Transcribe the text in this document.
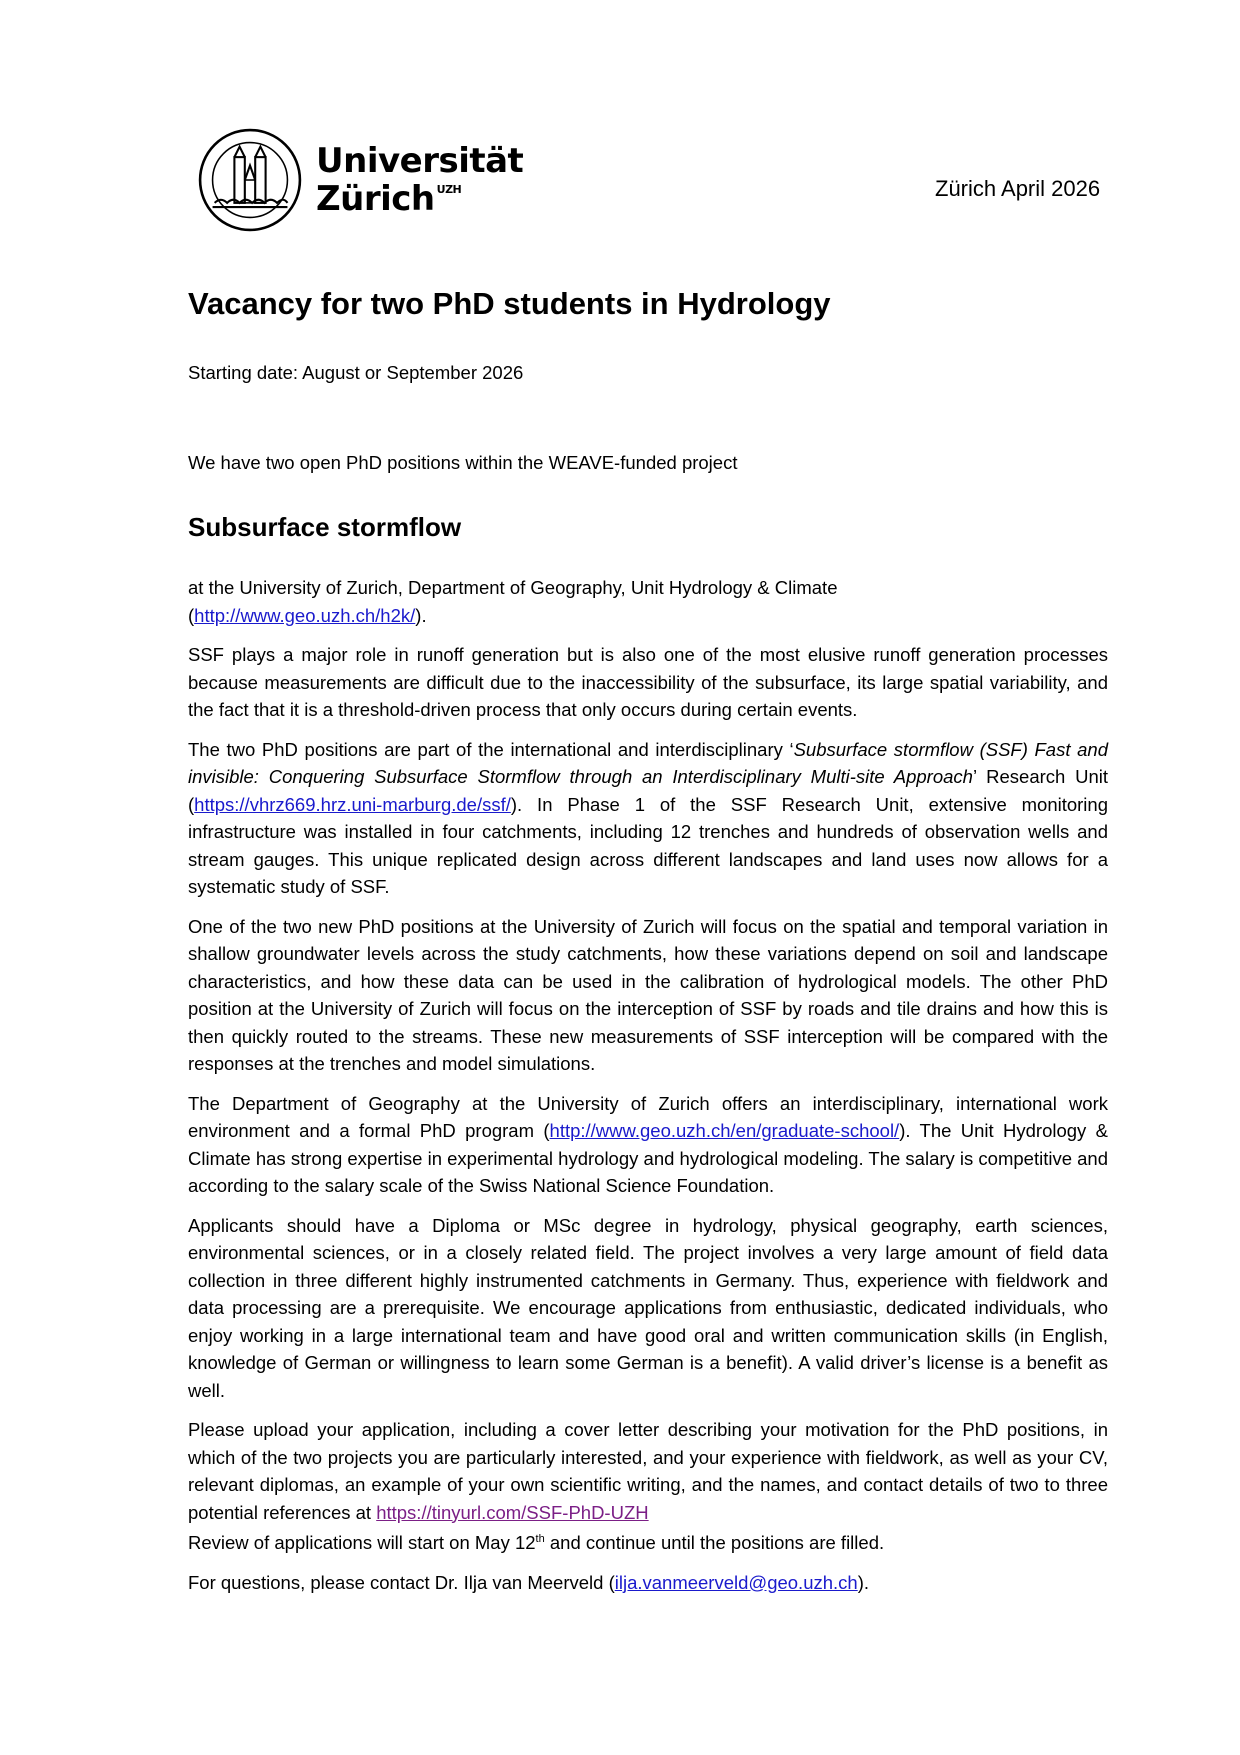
Universität
Zürich $^{UZH}$	Zürich April 2026
Vacancy for two PhD students in Hydrology
Starting date: August or September 2026
We have two open PhD positions within the WEAVE-funded project
Subsurface stormflow

at the University of Zurich, Department of Geography, Unit Hydrology & Climate
(http://www.geo.uzh.ch/h2k/).

SSF plays a major role in runoff generation but is also one of the most elusive runoff generation processes because measurements are difficult due to the inaccessibility of the subsurface, its large spatial variability, and the fact that it is a threshold-driven process that only occurs during certain events.

The two PhD positions are part of the international and interdisciplinary ‘Subsurface stormflow (SSF) Fast and invisible: Conquering Subsurface Stormflow through an Interdisciplinary Multi-site Approach’ Research Unit (https://vhrz669.hrz.uni-marburg.de/ssf/). In Phase 1 of the SSF Research Unit, extensive monitoring infrastructure was installed in four catchments, including 12 trenches and hundreds of observation wells and stream gauges. This unique replicated design across different landscapes and land uses now allows for a systematic study of SSF.

One of the two new PhD positions at the University of Zurich will focus on the spatial and temporal variation in shallow groundwater levels across the study catchments, how these variations depend on soil and landscape characteristics, and how these data can be used in the calibration of hydrological models. The other PhD position at the University of Zurich will focus on the interception of SSF by roads and tile drains and how this is then quickly routed to the streams. These new measurements of SSF interception will be compared with the responses at the trenches and model simulations.

The Department of Geography at the University of Zurich offers an interdisciplinary, international work environment and a formal PhD program (http://www.geo.uzh.ch/en/graduate-school/). The Unit Hydrology & Climate has strong expertise in experimental hydrology and hydrological modeling. The salary is competitive and according to the salary scale of the Swiss National Science Foundation.

Applicants should have a Diploma or MSc degree in hydrology, physical geography, earth sciences, environmental sciences, or in a closely related field. The project involves a very large amount of field data collection in three different highly instrumented catchments in Germany. Thus, experience with fieldwork and data processing are a prerequisite. We encourage applications from enthusiastic, dedicated individuals, who enjoy working in a large international team and have good oral and written communication skills (in English, knowledge of German or willingness to learn some German is a benefit). A valid driver’s license is a benefit as well.

Please upload your application, including a cover letter describing your motivation for the PhD positions, in which of the two projects you are particularly interested, and your experience with fieldwork, as well as your CV, relevant diplomas, an example of your own scientific writing, and the names, and contact details of two to three potential references at https://tinyurl.com/SSF-PhD-UZH
Review of applications will start on May 12th and continue until the positions are filled.

For questions, please contact Dr. Ilja van Meerveld (ilja.vanmeerveld@geo.uzh.ch).
